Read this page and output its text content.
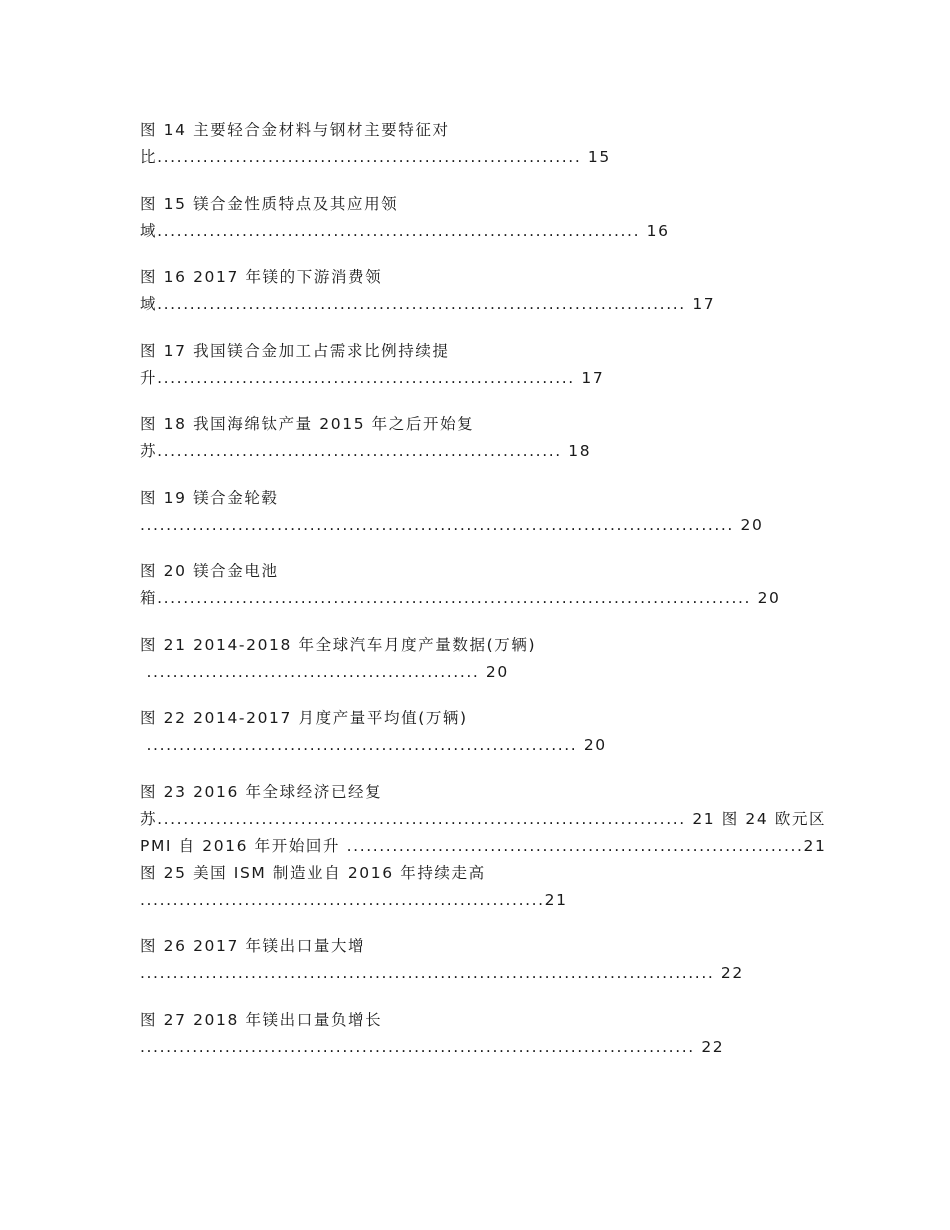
图 14 主要轻合金材料与钢材主要特征对
比................................................................. 15
图 15 镁合金性质特点及其应用领
域.......................................................................... 16
图 16 2017 年镁的下游消费领
域................................................................................. 17
图 17 我国镁合金加工占需求比例持续提
升................................................................ 17
图 18 我国海绵钛产量 2015 年之后开始复
苏.............................................................. 18
图 19 镁合金轮毂
........................................................................................... 20
图 20 镁合金电池
箱........................................................................................... 20
图 21 2014-2018 年全球汽车月度产量数据(万辆)
................................................... 20
图 22 2014-2017 月度产量平均值(万辆)
.................................................................. 20
图 23 2016 年全球经济已经复
苏................................................................................. 21 图 24 欧元区
PMI 自 2016 年开始回升 ......................................................................21
图 25 美国 ISM 制造业自 2016 年持续走高
..............................................................21
图 26 2017 年镁出口量大增
........................................................................................ 22
图 27 2018 年镁出口量负增长
..................................................................................... 22
